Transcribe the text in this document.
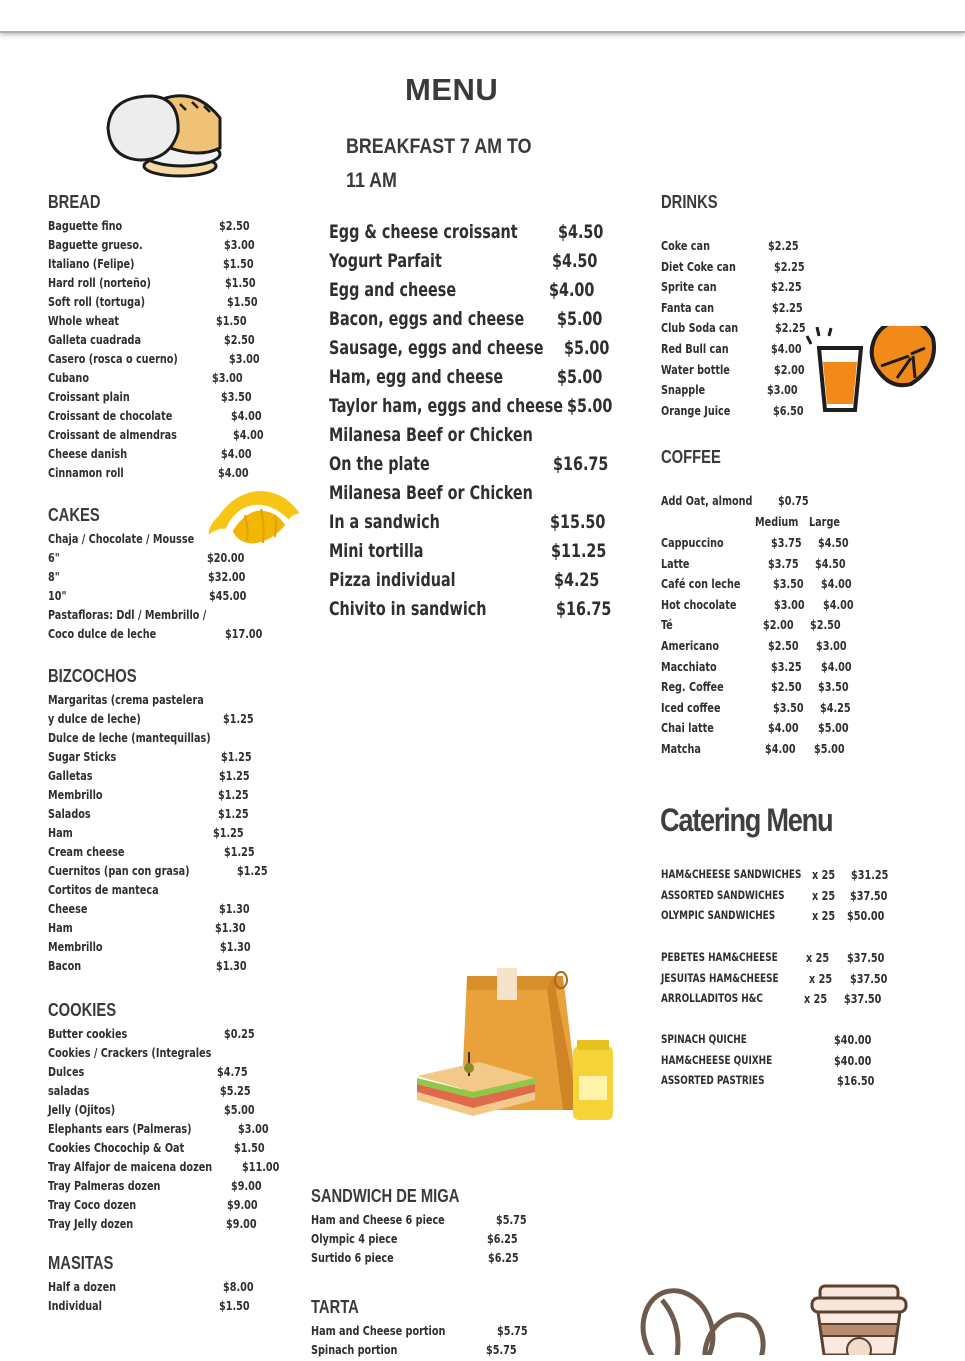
MENU
BREAKFAST 7 AM TO 11 AM
Egg & cheese croissant $4.50
Yogurt Parfait	$4.50
Egg and cheese	$4.00
Bacon, eggs and cheese $5.00
Sausage, eggs and cheese $5.00
Ham, egg and cheese	$5.00
Taylor ham, eggs and cheese $5.00
Milanesa Beef or Chicken
On the plate	$16.75
Milanesa Beef or Chicken
In a sandwich	$15.50
Mini tortilla	$11.25
Pizza individual	$4.25
Chivito in sandwich	$16.75
BREAD
Baguette fino	$2.50
Baguette grueso.	$3.00
Italiano (Felipe)	$1.50
Hard roll (norteño)	$1.50
Soft roll (tortuga)	$1.50
Whole wheat	$1.50
Galleta cuadrada	$2.50
Casero (rosca o cuerno)	$3.00
Cubano	$3.00
Croissant plain	$3.50
Croissant de chocolate	$4.00
Croissant de almendras	$4.00
Cheese danish	$4.00
Cinnamon roll	$4.00
CAKES
Chaja / Chocolate / Mousse
6"	$20.00
8"	$32.00
10"	$45.00
Pastafloras: Ddl / Membrillo /
Coco dulce de leche	$17.00
BIZCOCHOS
Margaritas (crema pastelera
y dulce de leche)	$1.25
Dulce de leche (mantequillas)
Sugar Sticks	$1.25
Galletas	$1.25
Membrillo	$1.25
Salados	$1.25
Ham	$1.25
Cream cheese	$1.25
Cuernitos (pan con grasa)	$1.25
Cortitos de manteca
Cheese	$1.30
Ham	$1.30
Membrillo	$1.30
Bacon	$1.30
COOKIES
Butter cookies	$0.25
Cookies / Crackers (Integrales
Dulces	$4.75
saladas	$5.25
Jelly (Ojitos)	$5.00
Elephants ears (Palmeras)	$3.00
Cookies Chocochip & Oat	$1.50
Tray Alfajor de maicena dozen $11.00
Tray Palmeras dozen	$9.00
Tray Coco dozen	$9.00
Tray Jelly dozen	$9.00
MASITAS
Half a dozen	$8.00
Individual	$1.50
DRINKS
Coke can	$2.25
Diet Coke can	$2.25
Sprite can	$2.25
Fanta can	$2.25
Club Soda can	$2.25
Red Bull can	$4.00
Water bottle	$2.00
Snapple	$3.00
Orange Juice	$6.50
COFFEE
Add Oat, almond $0.75
Medium Large
Cappuccino	$3.75 $4.50
Latte	$3.75 $4.50
Café con leche	$3.50 $4.00
Hot chocolate	$3.00 $4.00
Té	$2.00 $2.50
Americano	$2.50 $3.00
Macchiato	$3.25 $4.00
Reg. Coffee	$2.50 $3.50
Iced coffee	$3.50 $4.25
Chai latte	$4.00 $5.00
Matcha	$4.00 $5.00
Catering Menu
HAM&CHEESE SANDWICHES x 25 $31.25
ASSORTED SANDWICHES x 25 $37.50
OLYMPIC SANDWICHES	x 25 $50.00
PEBETES HAM&CHEESE x 25 $37.50
JESUITAS HAM&CHEESE x 25 $37.50
ARROLLADITOS H&C	x 25 $37.50
SPINACH QUICHE	$40.00
HAM&CHEESE QUIXHE	$40.00
ASSORTED PASTRIES	$16.50
SANDWICH DE MIGA
Ham and Cheese 6 piece	$5.75
Olympic 4 piece	$6.25
Surtido 6 piece	$6.25
TARTA
Ham and Cheese portion	$5.75
Spinach portion	$5.75
